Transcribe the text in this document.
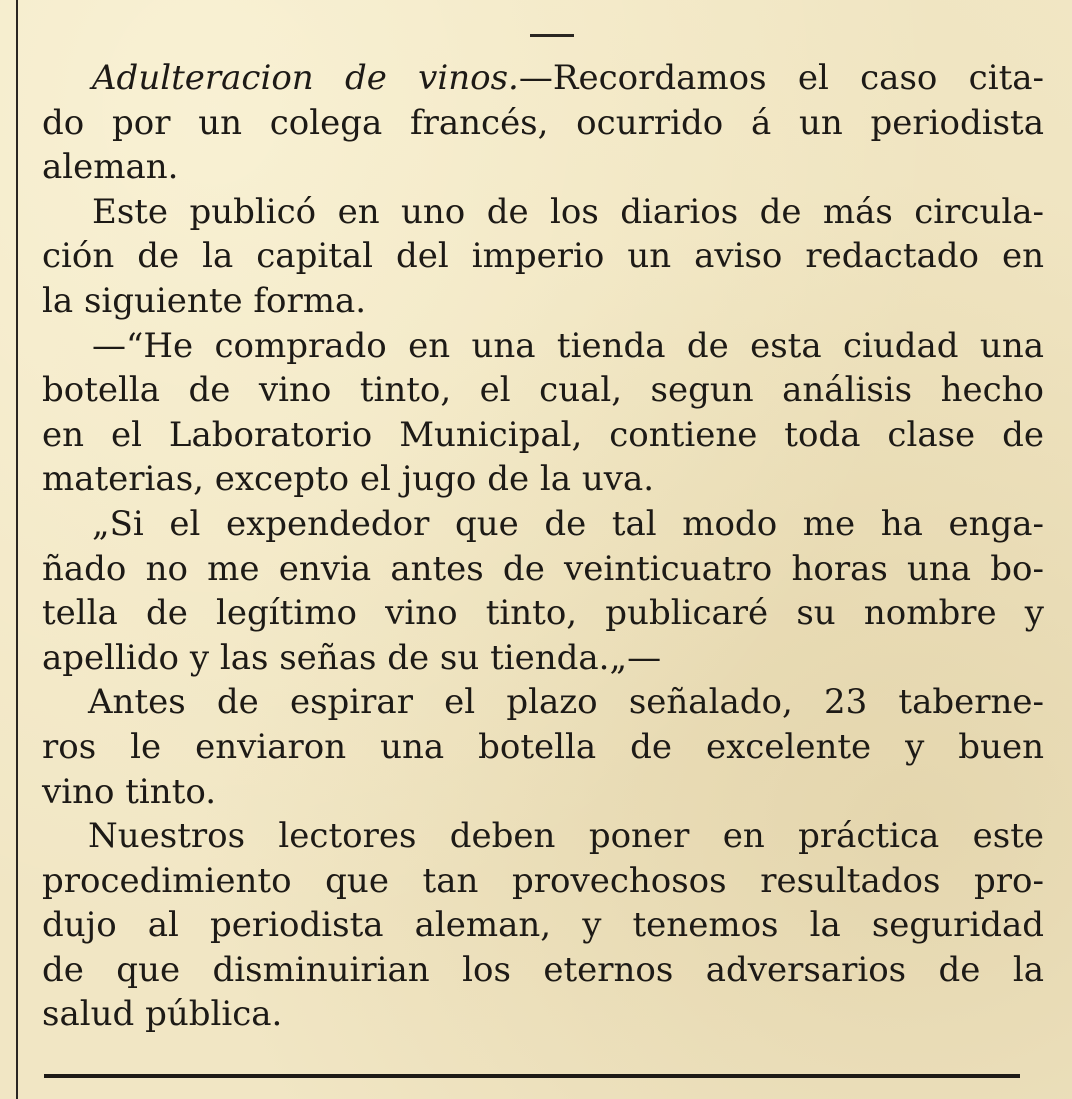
Adulteracion de vinos.—Recordamos el caso cita-
do por un colega francés, ocurrido á un periodista
aleman.
Este publicó en uno de los diarios de más circula-
ción de la capital del imperio un aviso redactado en
la siguiente forma.
—“He comprado en una tienda de esta ciudad una
botella de vino tinto, el cual, segun análisis hecho
en el Laboratorio Municipal, contiene toda clase de
materias, excepto el jugo de la uva.
„Si el expendedor que de tal modo me ha enga-
ñado no me envia antes de veinticuatro horas una bo-
tella de legítimo vino tinto, publicaré su nombre y
apellido y las señas de su tienda.„—
Antes de espirar el plazo señalado, 23 taberne-
ros le enviaron una botella de excelente y buen
vino tinto.
Nuestros lectores deben poner en práctica este
procedimiento que tan provechosos resultados pro-
dujo al periodista aleman, y tenemos la seguridad
de que disminuirian los eternos adversarios de la
salud pública.
